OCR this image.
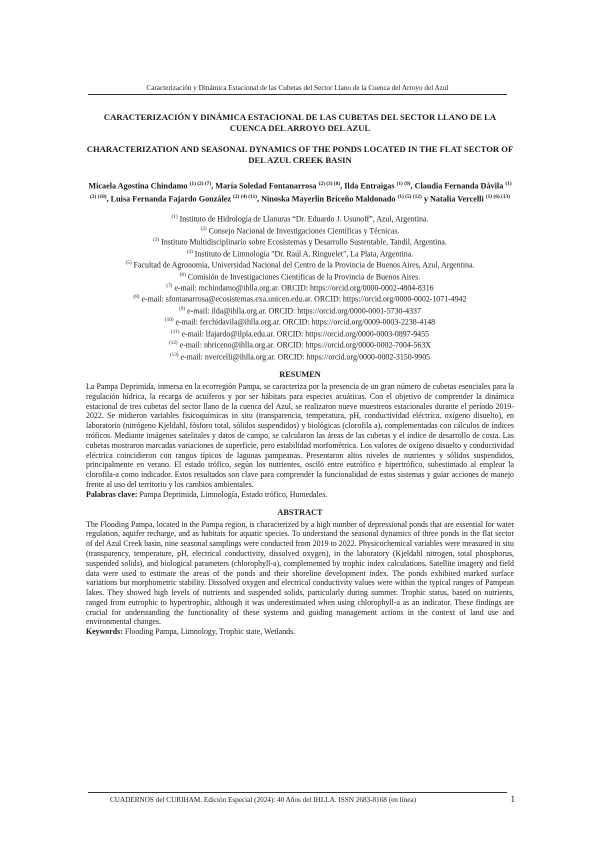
Caracterización y Dinámica Estacional de las Cubetas del Sector Llano de la Cuenca del Arroyo del Azul

CARACTERIZACIÓN Y DINÁMICA ESTACIONAL DE LAS CUBETAS DEL SECTOR LLANO DE LA CUENCA DEL ARROYO DEL AZUL

CHARACTERIZATION AND SEASONAL DYNAMICS OF THE PONDS LOCATED IN THE FLAT SECTOR OF DEL AZUL CREEK BASIN

Micaela Agostina Chindamo $^{(1) (2) (7)}$, María Soledad Fontanarrosa $^{(2) (3) (8)}$, Ilda Entraigas $^{(1) (9)}$, Claudia Fernanda Dávila $^{(1) (2) (10)}$, Luisa Fernanda Fajardo González $^{(2) (4) (11)}$, Ninoska Mayerlin Briceño Maldonado $^{(1) (5) (12)}$ y Natalia Vercelli $^{(1) (6) (13)}$
$^{(1)}$ Instituto de Hidrología de Llanuras “Dr. Eduardo J. Usunoff”, Azul, Argentina.
$^{(2)}$ Consejo Nacional de Investigaciones Científicas y Técnicas.
$^{(3)}$ Instituto Multidisciplinario sobre Ecosistemas y Desarrollo Sustentable, Tandil, Argentina.
$^{(4)}$ Instituto de Limnología "Dr. Raúl A. Ringuelet", La Plata, Argentina.
$^{(5)}$ Facultad de Agronomía, Universidad Nacional del Centro de la Provincia de Buenos Aires, Azul, Argentina.
$^{(6)}$ Comisión de Investigaciones Científicas de la Provincia de Buenos Aires.
$^{(7)}$ e-mail: mchindamo@ihlla.org.ar. ORCID: https://orcid.org/0000-0002-4804-8316
$^{(8)}$ e-mail: sfontanarrosa@ecosistemas.exa.unicen.edu.ar. ORCID: https://orcid.org/0000-0002-1071-4942
$^{(9)}$ e-mail: ilda@ihlla.org.ar. ORCID: https://orcid.org/0000-0001-5730-4337
$^{(10)}$ e-mail: ferchidavila@ihlla.org.ar. ORCID: https://orcid.org/0009-0003-2238-4148
$^{(11)}$ e-mail: lfajardo@ilpla.edu.ar. ORCID: https://orcid.org/0000-0003-0897-9455
$^{(12)}$ e-mail: nbriceno@ihlla.org.ar. ORCID: https://orcid.org/0000-0002-7004-563X
$^{(13)}$ e-mail: nvercelli@ihlla.org.ar. ORCID: https://orcid.org/0000-0002-3150-9905
RESUMEN
La Pampa Deprimida, inmersa en la ecorregión Pampa, se caracteriza por la presencia de un gran número de cubetas esenciales para la regulación hídrica, la recarga de acuíferos y por ser hábitats para especies acuáticas. Con el objetivo de comprender la dinámica estacional de tres cubetas del sector llano de la cuenca del Azul, se realizaron nueve muestreos estacionales durante el período 2019-2022. Se midieron variables fisicoquímicas in situ (transparencia, temperatura, pH, conductividad eléctrica, oxígeno disuelto), en laboratorio (nitrógeno Kjeldahl, fósforo total, sólidos suspendidos) y biológicas (clorofila a), complementadas con cálculos de índices tróficos. Mediante imágenes satelitales y datos de campo, se calcularon las áreas de las cubetas y el índice de desarrollo de costa. Las cubetas mostraron marcadas variaciones de superficie, pero estabilidad morfométrica. Los valores de oxígeno disuelto y conductividad eléctrica coincidieron con rangos típicos de lagunas pampeanas. Presentaron altos niveles de nutrientes y sólidos suspendidos, principalmente en verano. El estado trófico, según los nutrientes, osciló entre eutrófico e hipertrófico, subestimado al emplear la clorofila-a como indicador. Estos resultados son clave para comprender la funcionalidad de estos sistemas y guiar acciones de manejo frente al uso del territorio y los cambios ambientales.
Palabras clave: Pampa Deprimida, Limnología, Estado trófico, Humedales.
ABSTRACT
The Flooding Pampa, located in the Pampa region, is characterized by a high number of depressional ponds that are essential for water regulation, aquifer recharge, and as habitats for aquatic species. To understand the seasonal dynamics of three ponds in the flat sector of del Azul Creek basin, nine seasonal samplings were conducted from 2019 to 2022. Physicochemical variables were measured in situ (transparency, temperature, pH, electrical conductivity, dissolved oxygen), in the laboratory (Kjeldahl nitrogen, total phosphorus, suspended solids), and biological parameters (chlorophyll-a), complemented by trophic index calculations. Satellite imagery and field data were used to estimate the areas of the ponds and their shoreline development index. The ponds exhibited marked surface variations but morphometric stability. Dissolved oxygen and electrical conductivity values were within the typical ranges of Pampean lakes. They showed high levels of nutrients and suspended solids, particularly during summer. Trophic status, based on nutrients, ranged from eutrophic to hypertrophic, although it was underestimated when using chlorophyll-a as an indicator. These findings are crucial for understanding the functionality of these systems and guiding management actions in the context of land use and environmental changes.
Keywords: Flooding Pampa, Limnology, Trophic state, Wetlands.
CUADERNOS del CURIHAM. Edición Especial (2024): 40 Años del IHLLA. ISSN 2683-8168 (en línea)	1
